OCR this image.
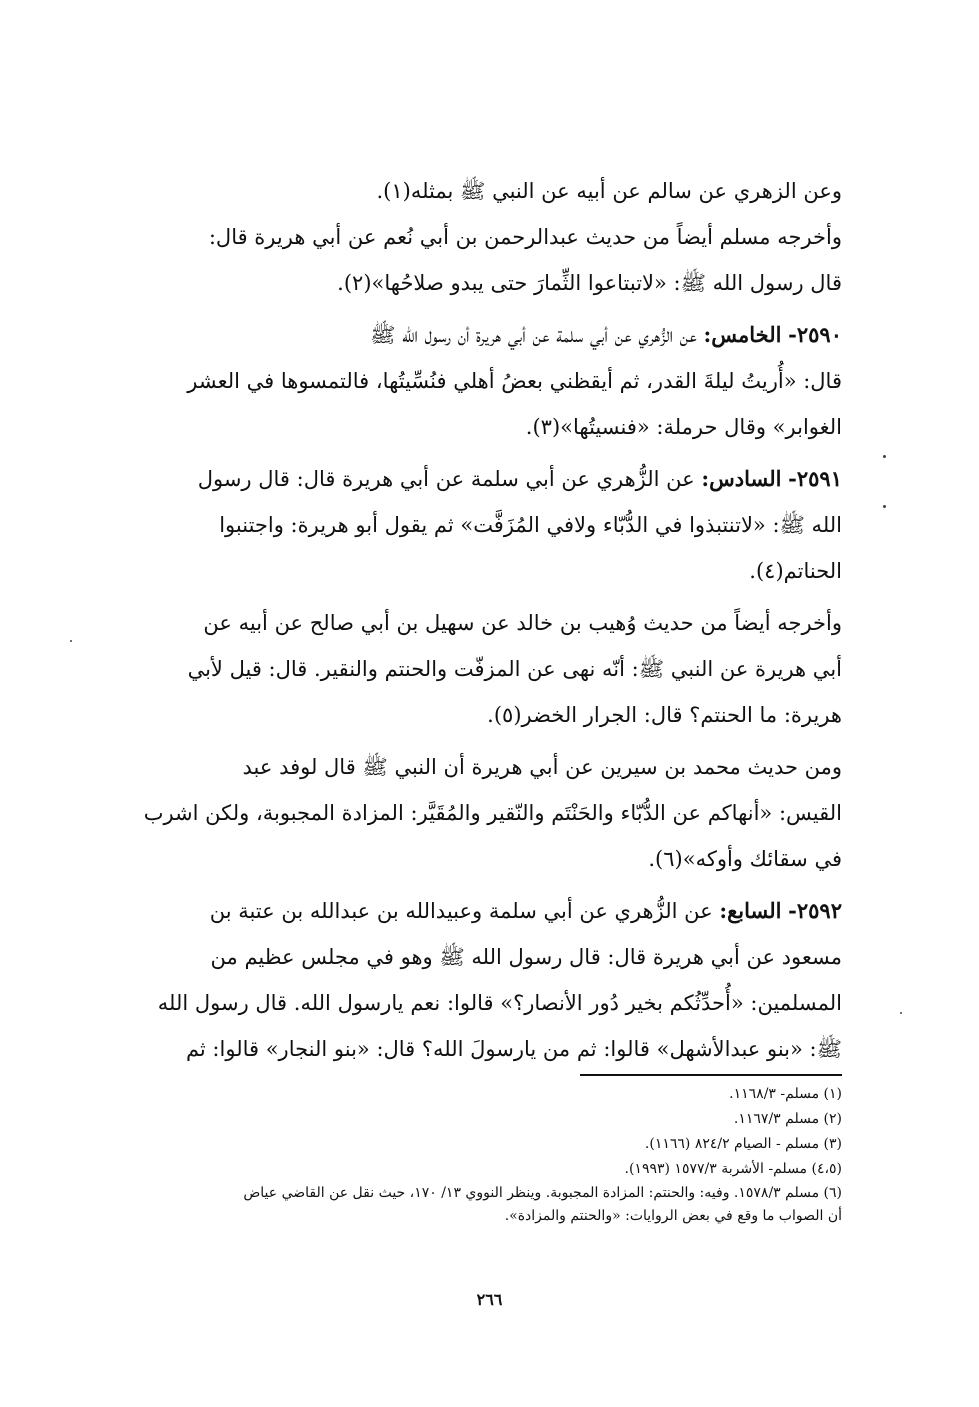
وعن الزهري عن سالم عن أبيه عن النبي ﷺ بمثله(١).
وأخرجه مسلم أيضاً من حديث عبدالرحمن بن أبي نُعم عن أبي هريرة قال:
قال رسول الله ﷺ: «لاتبتاعوا الثِّمارَ حتى يبدو صلاحُها»(٢).

٢٥٩٠- الخامس: عن الزُّهري عن أبي سلمة عن أبي هريرة أن رسول الله ﷺ
قال: «أُريتُ ليلةَ القدر، ثم أيقظني بعضُ أهلي فنُسِّيتُها، فالتمسوها في العشر
الغوابر» وقال حرملة: «فنسيتُها»(٣).

٢٥٩١- السادس: عن الزُّهري عن أبي سلمة عن أبي هريرة قال: قال رسول
الله ﷺ: «لاتنتبذوا في الدُّبّاء ولافي المُزَفَّت» ثم يقول أبو هريرة: واجتنبوا
الحناتم(٤).

وأخرجه أيضاً من حديث وُهيب بن خالد عن سهيل بن أبي صالح عن أبيه عن
أبي هريرة عن النبي ﷺ: أنّه نهى عن المزفّت والحنتم والنقير. قال: قيل لأبي
هريرة: ما الحنتم؟ قال: الجرار الخضر(٥).

ومن حديث محمد بن سيرين عن أبي هريرة أن النبي ﷺ قال لوفد عبد
القيس: «أنهاكم عن الدُّبّاء والحَنْتَم والنّقير والمُقَيَّر: المزادة المجبوبة، ولكن اشرب
في سقائك وأوكه»(٦).

٢٥٩٢- السابع: عن الزُّهري عن أبي سلمة وعبيدالله بن عبدالله بن عتبة بن
مسعود عن أبي هريرة قال: قال رسول الله ﷺ وهو في مجلس عظيم من
المسلمين: «أُحدِّثُكم بخير دُور الأنصار؟» قالوا: نعم يارسول الله. قال رسول الله
ﷺ: «بنو عبدالأشهل» قالوا: ثم من يارسولَ الله؟ قال: «بنو النجار» قالوا: ثم

(١) مسلم- ١١٦٨/٣.

(٢) مسلم ١١٦٧/٣.

(٣) مسلم - الصيام ٨٢٤/٢ (١١٦٦).

(٤،٥) مسلم- الأشربة ١٥٧٧/٣ (١٩٩٣).

(٦) مسلم ١٥٧٨/٣. وفيه: والحنتم: المزادة المجبوبة. وينظر النووي ١٣/ ١٧٠، حيث نقل عن القاضي عياض

أن الصواب ما وقع في بعض الروايات: «والحنتم والمزادة».

٢٦٦
